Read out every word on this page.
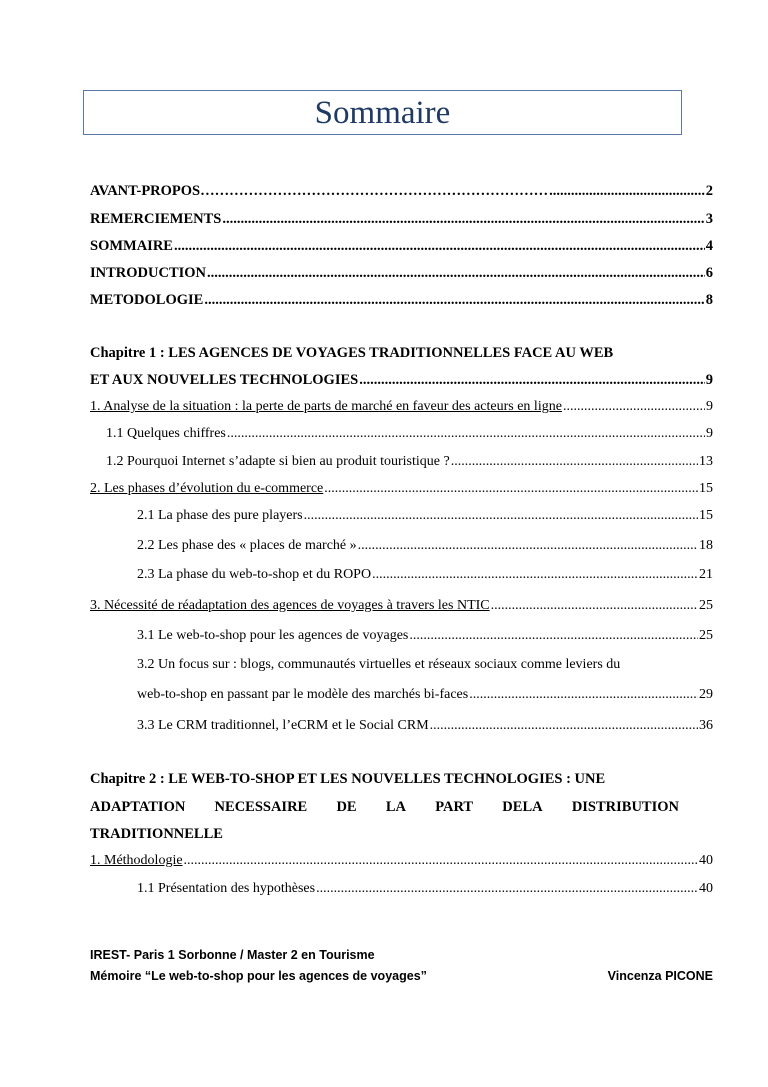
Sommaire
AVANT-PROPOS……………………………………………………………… .....	2
REMERCIEMENTS .....	3
SOMMAIRE .....	4
INTRODUCTION .....	6
METODOLOGIE .....	8
Chapitre 1 : LES AGENCES DE VOYAGES TRADITIONNELLES FACE AU WEB
ET AUX NOUVELLES TECHNOLOGIES .....	9
1. Analyse de la situation : la perte de parts de marché en faveur des acteurs en ligne .....	9
1.1 Quelques chiffres .....	9
1.2 Pourquoi Internet s’adapte si bien au produit touristique ? .....	13
2. Les phases d’évolution du e-commerce .....	15
2.1 La phase des pure players .....	15
2.2 Les phase des « places de marché » .....	18
2.3 La phase du web-to-shop et du ROPO .....	21
3. Nécessité de réadaptation des agences de voyages à travers les NTIC .....	25
3.1 Le web-to-shop pour les agences de voyages .....	25
3.2 Un focus sur : blogs, communautés virtuelles et réseaux sociaux comme leviers du
web-to-shop en passant par le modèle des marchés bi-faces .....	29
3.3 Le CRM traditionnel, l’eCRM et le Social CRM .....	36
Chapitre 2 : LE WEB-TO-SHOP ET LES NOUVELLES TECHNOLOGIES : UNE
ADAPTATION NECESSAIRE DE LA PART DELA DISTRIBUTION
TRADITIONNELLE
1. Méthodologie .....	40
1.1 Présentation des hypothèses .....	40
IREST- Paris 1 Sorbonne / Master 2 en Tourisme
Mémoire “Le web-to-shop pour les agences de voyages”	Vincenza PICONE
